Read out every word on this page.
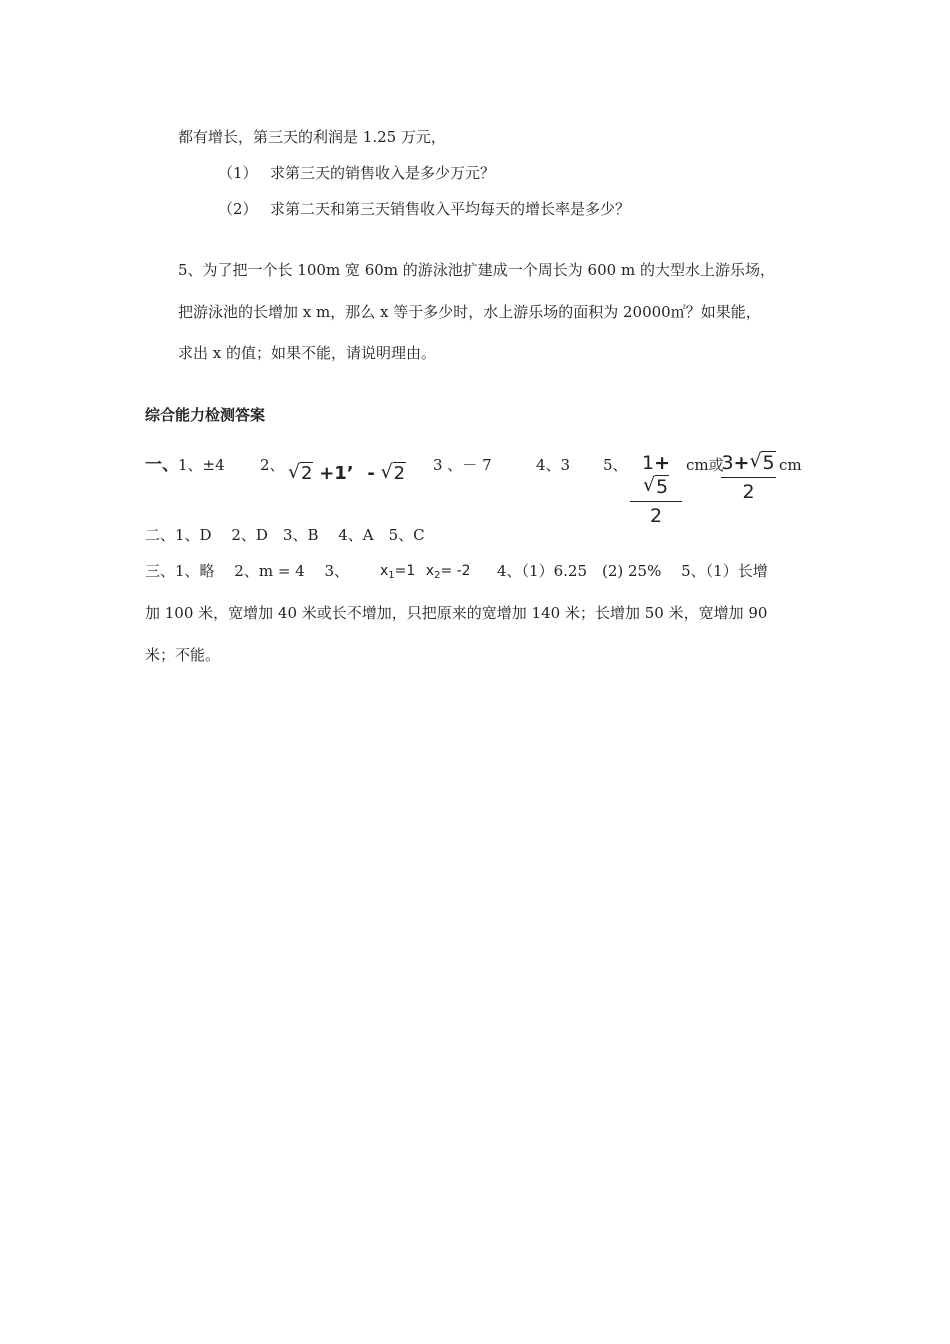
都有增长，第三天的利润是 1.25 万元，
（1） 求第三天的销售收入是多少万元？
（2） 求第二天和第三天销售收入平均每天的增长率是多少？
5、为了把一个长 100m 宽 60m 的游泳池扩建成一个周长为 600 m 的大型水上游乐场，
把游泳池的长增加 x m，那么 x 等于多少时，水上游乐场的面积为 20000㎡？如果能，
求出 x 的值；如果不能，请说明理由。
综合能力检测答案
一、 1、±4 2、 √ 2 +1’ - √ 2 3 、－ 7	4、3 5、 1+√ 5
2
cm或
3+ √ 5
2
cm
二、1、D　 2、D　3、B　 4、A　5、C
三、1、略　 2、m = 4　 3、 $x_1=1$ $x_2= -2$ 4、（1）6.25　(2) 25%　 5、（1）长增
加 100 米，宽增加 40 米或长不增加，只把原来的宽增加 140 米；长增加 50 米，宽增加 90
米；不能。
